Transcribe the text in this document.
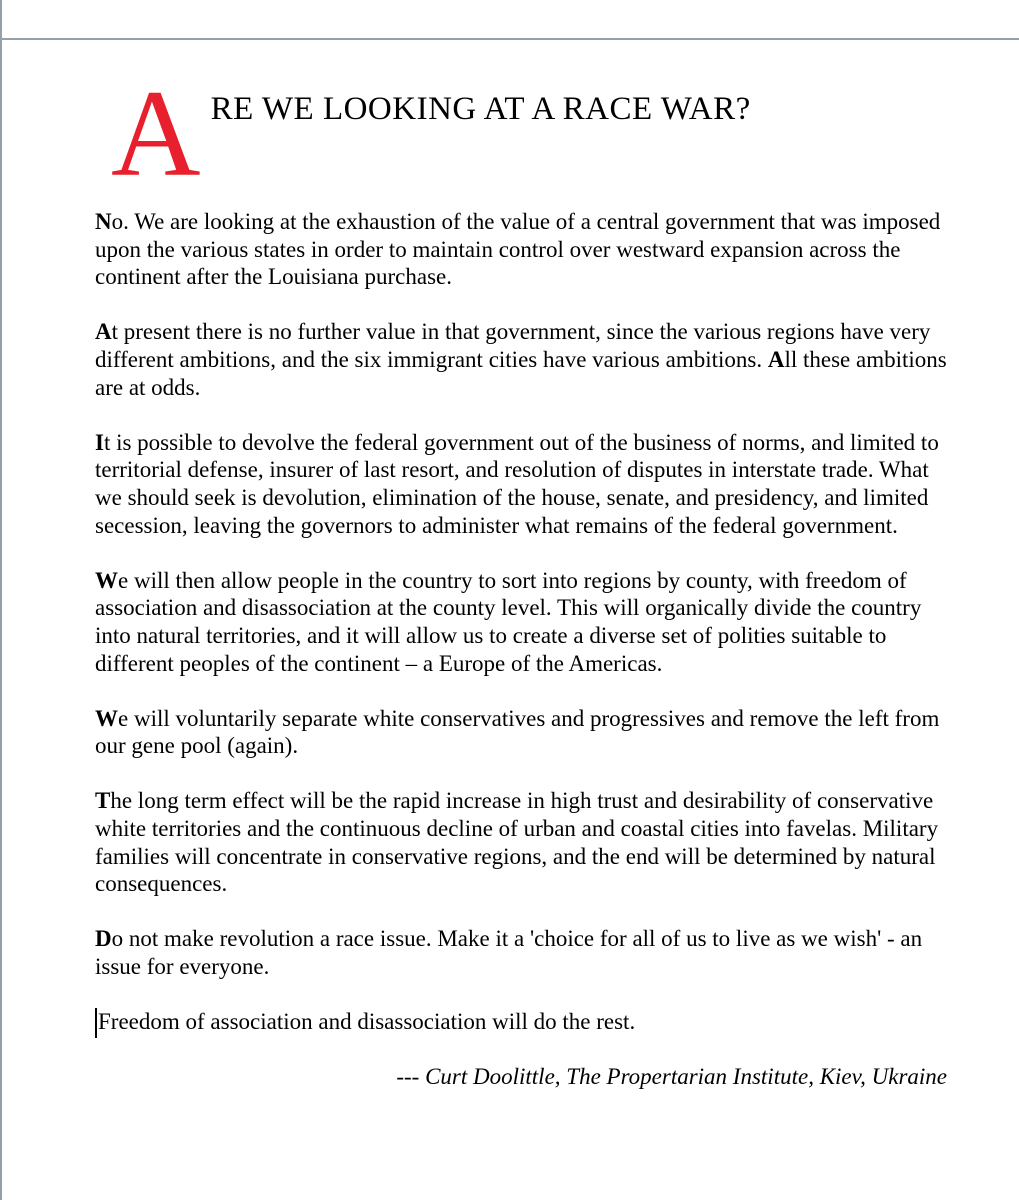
A RE WE LOOKING AT A RACE WAR?

No. We are looking at the exhaustion of the value of a central government that was imposed upon the various states in order to maintain control over westward expansion across the continent after the Louisiana purchase.

At present there is no further value in that government, since the various regions have very different ambitions, and the six immigrant cities have various ambitions. All these ambitions are at odds.

It is possible to devolve the federal government out of the business of norms, and limited to territorial defense, insurer of last resort, and resolution of disputes in interstate trade. What we should seek is devolution, elimination of the house, senate, and presidency, and limited secession, leaving the governors to administer what remains of the federal government.

We will then allow people in the country to sort into regions by county, with freedom of association and disassociation at the county level. This will organically divide the country into natural territories, and it will allow us to create a diverse set of polities suitable to different peoples of the continent – a Europe of the Americas.

We will voluntarily separate white conservatives and progressives and remove the left from our gene pool (again).

The long term effect will be the rapid increase in high trust and desirability of conservative white territories and the continuous decline of urban and coastal cities into favelas. Military families will concentrate in conservative regions, and the end will be determined by natural consequences.

Do not make revolution a race issue. Make it a 'choice for all of us to live as we wish' - an issue for everyone.

Freedom of association and disassociation will do the rest.

--- Curt Doolittle, The Propertarian Institute, Kiev, Ukraine
